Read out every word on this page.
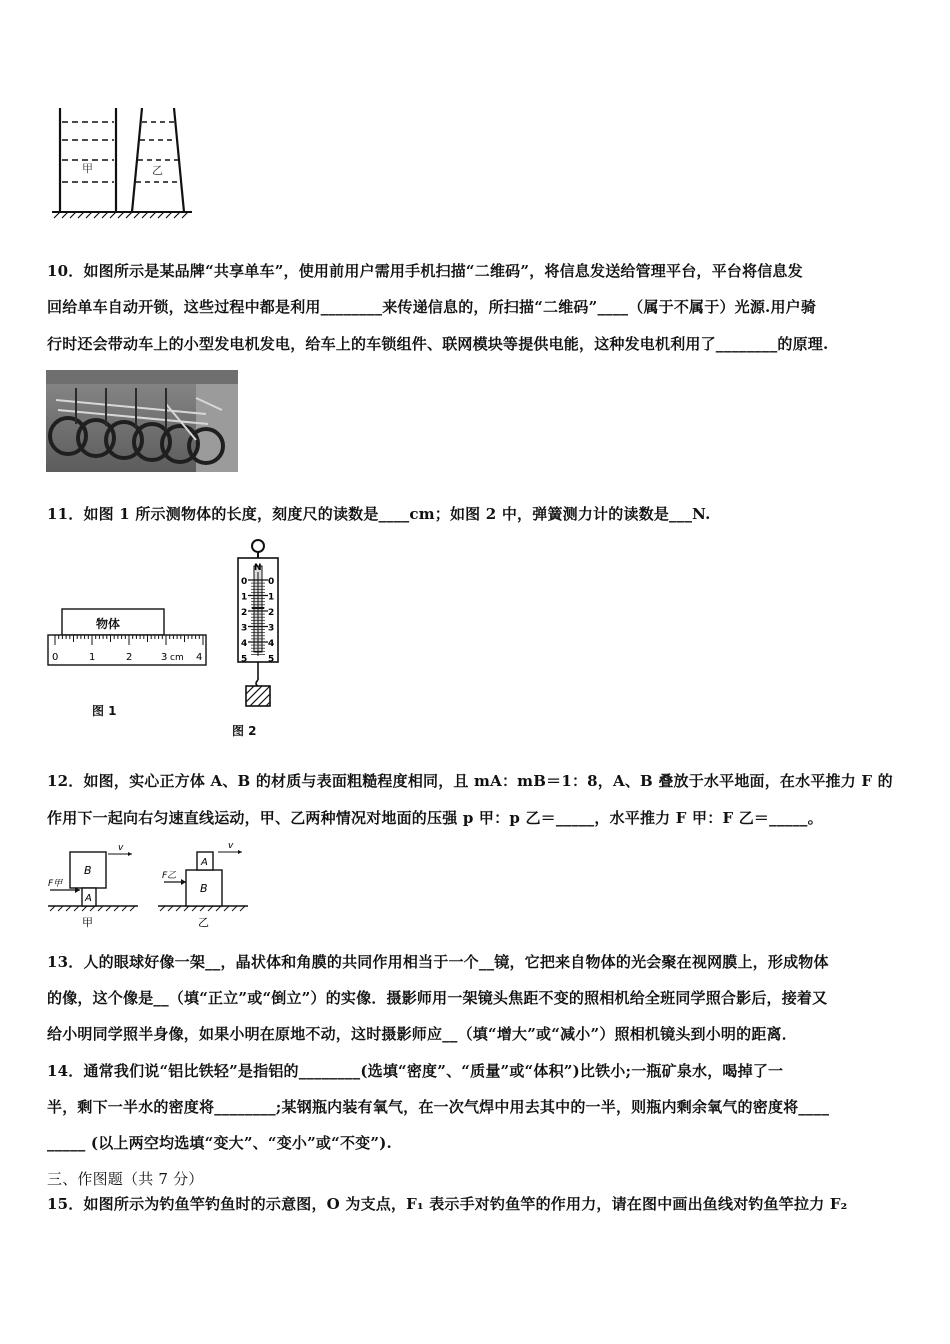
甲	乙
10．如图所示是某品牌“共享单车”，使用前用户需用手机扫描“二维码”，将信息发送给管理平台，平台将信息发
回给单车自动开锁，这些过程中都是利用________来传递信息的，所扫描“二维码”____（属于不属于）光源.用户骑
行时还会带动车上的小型发电机发电，给车上的车锁组件、联网模块等提供电能，这种发电机利用了________的原理.
11．如图 1 所示测物体的长度，刻度尺的读数是____cm；如图 2 中，弹簧测力计的读数是___N.
物体
0	1	2	3	4
cm
图 1
N
0
1
2
3
4
5
0
1
2
3
4
5
图 2
12．如图，实心正方体 A、B 的材质与表面粗糙程度相同，且 mA：mB＝1：8，A、B 叠放于水平地面，在水平推力 F 的
作用下一起向右匀速直线运动，甲、乙两种情况对地面的压强 p 甲：p 乙＝_____，水平推力 F 甲：F 乙＝_____。
B
A
F甲
v
甲
B
A
F乙
v
乙
13．人的眼球好像一架__，晶状体和角膜的共同作用相当于一个__镜，它把来自物体的光会聚在视网膜上，形成物体
的像，这个像是__（填“正立”或“倒立”）的实像．摄影师用一架镜头焦距不变的照相机给全班同学照合影后，接着又
给小明同学照半身像，如果小明在原地不动，这时摄影师应__（填“增大”或“减小”）照相机镜头到小明的距离．
14．通常我们说“铝比铁轻”是指铝的________(选填“密度”、“质量”或“体积”)比铁小;一瓶矿泉水，喝掉了一
半，剩下一半水的密度将________;某钢瓶内装有氧气，在一次气焊中用去其中的一半，则瓶内剩余氧气的密度将____
_____ (以上两空均选填“变大”、“变小”或“不变”).
三、作图题（共 7 分）
15．如图所示为钓鱼竿钓鱼时的示意图，O 为支点，F₁ 表示手对钓鱼竿的作用力，请在图中画出鱼线对钓鱼竿拉力 F₂
